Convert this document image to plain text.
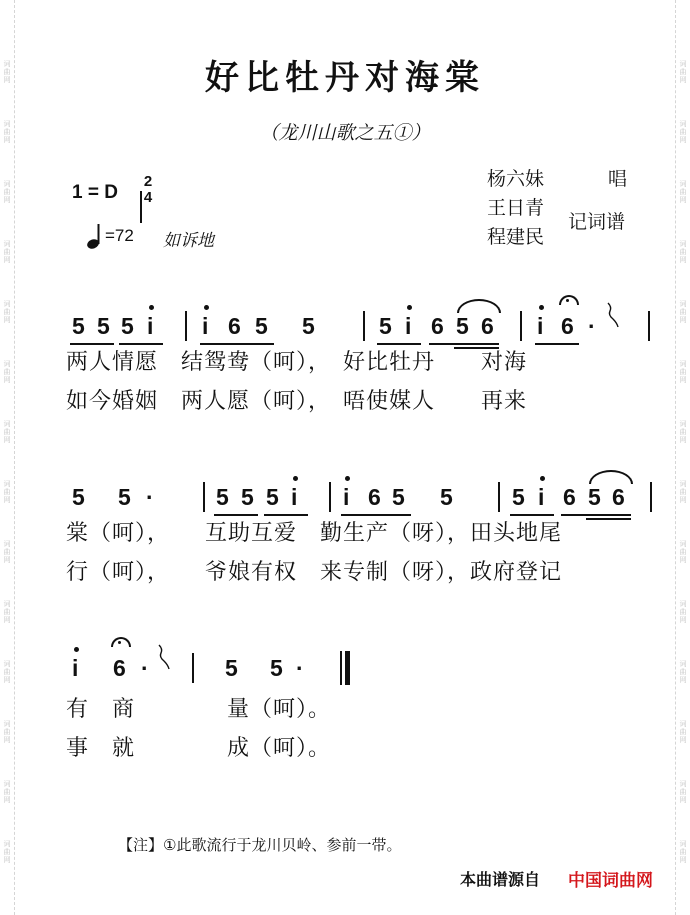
词
曲
网
词
曲
网
词
曲
网
词
曲
网
词
曲
网
词
曲
网
词
曲
网
词
曲
网
词
曲
网
词
曲
网
词
曲
网
词
曲
网
词
曲
网
词
曲
网
词
曲
网
词
曲
网
词
曲
网
词
曲
网
词
曲
网
词
曲
网
词
曲
网
词
曲
网
词
曲
网
词
曲
网
词
曲
网
词
曲
网
词
曲
网
词
曲
网
好比牡丹对海棠
（龙川山歌之五①）
1 = D
2
4
=72 如诉地
杨六妹	唱
王日青
程建民
记词谱
5 5 5 i i 6 5 5	5 i 6 5 6 i 6 ·
两人情愿　结鸳鸯（呵），　好比牡丹　　对海
如今婚姻　两人愿（呵），　唔使媒人　　再来
5 5 ·	5 5 5 i i 6 5 5	5 i 6 5 6
棠（呵），　　互助互爱　勤生产（呀），田头地尾
行（呵），　　爷娘有权　来专制（呀），政府登记
i 6 ·	5 5 ·
有　商　　　　量（呵）。
事　就　　　　成（呵）。
【注】①此歌流行于龙川贝岭、参前一带。
本曲谱源自 中国词曲网
